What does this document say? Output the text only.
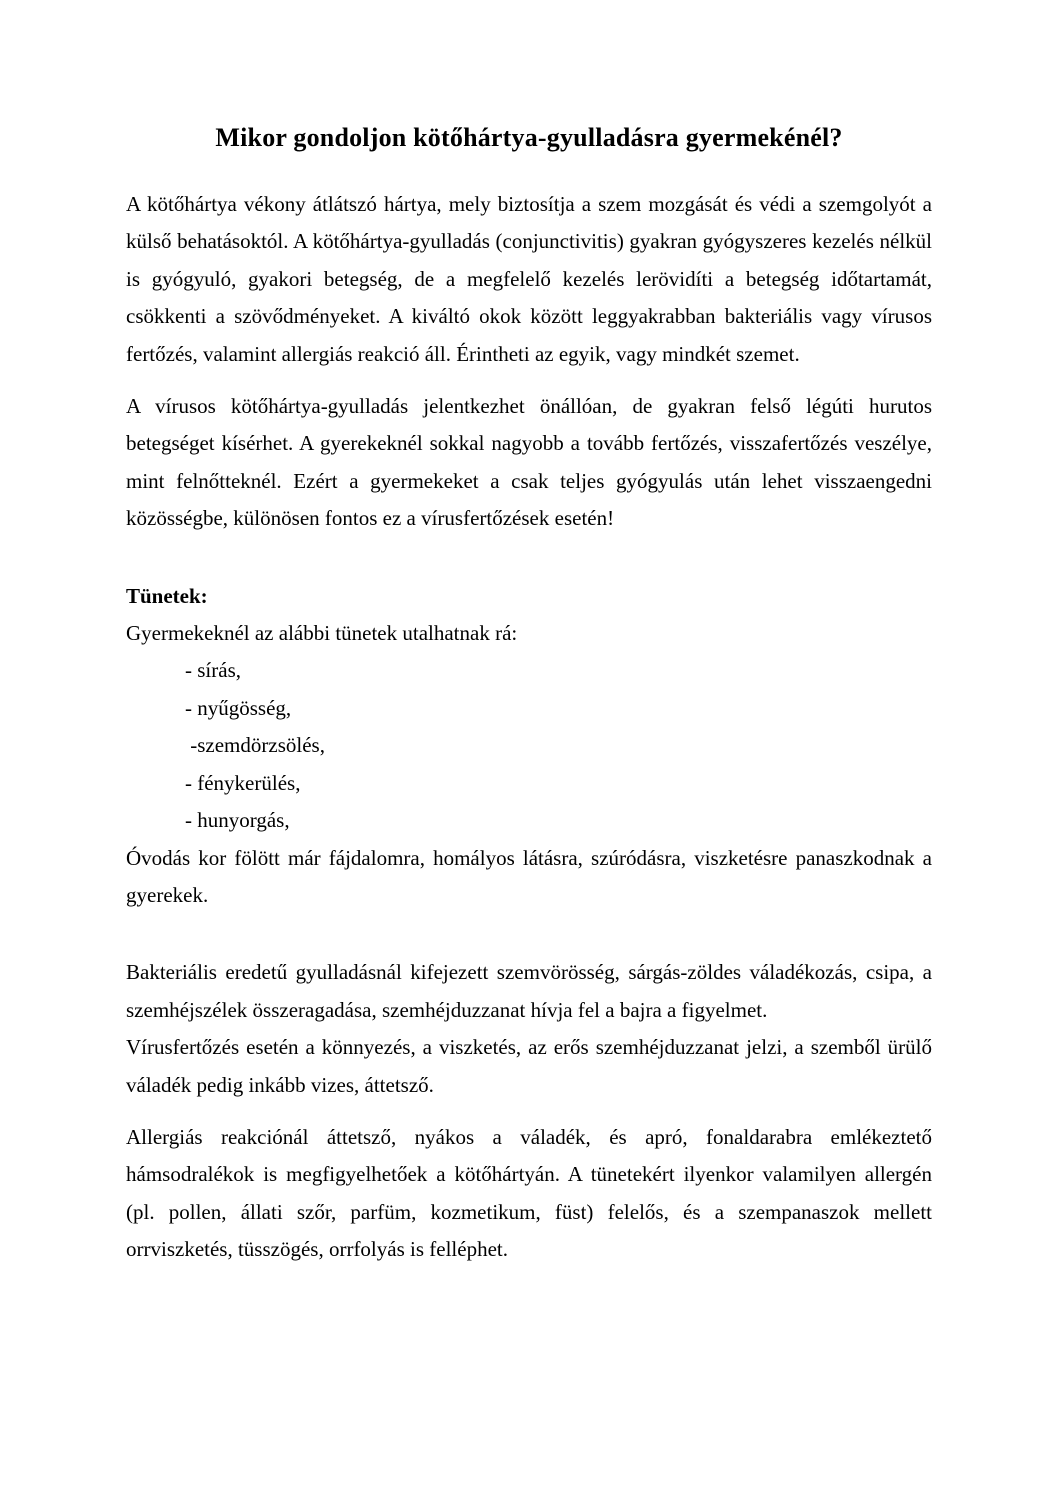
Mikor gondoljon kötőhártya-gyulladásra gyermekénél?

A kötőhártya vékony átlátszó hártya, mely biztosítja a szem mozgását és védi a szemgolyót a külső behatásoktól. A kötőhártya-gyulladás (conjunctivitis) gyakran gyógyszeres kezelés nélkül is gyógyuló, gyakori betegség, de a megfelelő kezelés lerövidíti a betegség időtartamát, csökkenti a szövődményeket. A kiváltó okok között leggyakrabban bakteriális vagy vírusos fertőzés, valamint allergiás reakció áll. Érintheti az egyik, vagy mindkét szemet.

A vírusos kötőhártya-gyulladás jelentkezhet önállóan, de gyakran felső légúti hurutos betegséget kísérhet. A gyerekeknél sokkal nagyobb a tovább fertőzés, visszafertőzés veszélye, mint felnőtteknél. Ezért a gyermekeket a csak teljes gyógyulás után lehet visszaengedni közösségbe, különösen fontos ez a vírusfertőzések esetén!

Tünetek:

Gyermekeknél az alábbi tünetek utalhatnak rá:

- sírás,
- nyűgösség,
-szemdörzsölés,
- fénykerülés,
- hunyorgás,

Óvodás kor fölött már fájdalomra, homályos látásra, szúródásra, viszketésre panaszkodnak a gyerekek.

Bakteriális eredetű gyulladásnál kifejezett szemvörösség, sárgás-zöldes váladékozás, csipa, a szemhéjszélek összeragadása, szemhéjduzzanat hívja fel a bajra a figyelmet.

Vírusfertőzés esetén a könnyezés, a viszketés, az erős szemhéjduzzanat jelzi, a szemből ürülő váladék pedig inkább vizes, áttetsző.

Allergiás reakciónál áttetsző, nyákos a váladék, és apró, fonaldarabra emlékeztető hámsodralékok is megfigyelhetőek a kötőhártyán. A tünetekért ilyenkor valamilyen allergén (pl. pollen, állati szőr, parfüm, kozmetikum, füst) felelős, és a szempanaszok mellett orrviszketés, tüsszögés, orrfolyás is felléphet.
